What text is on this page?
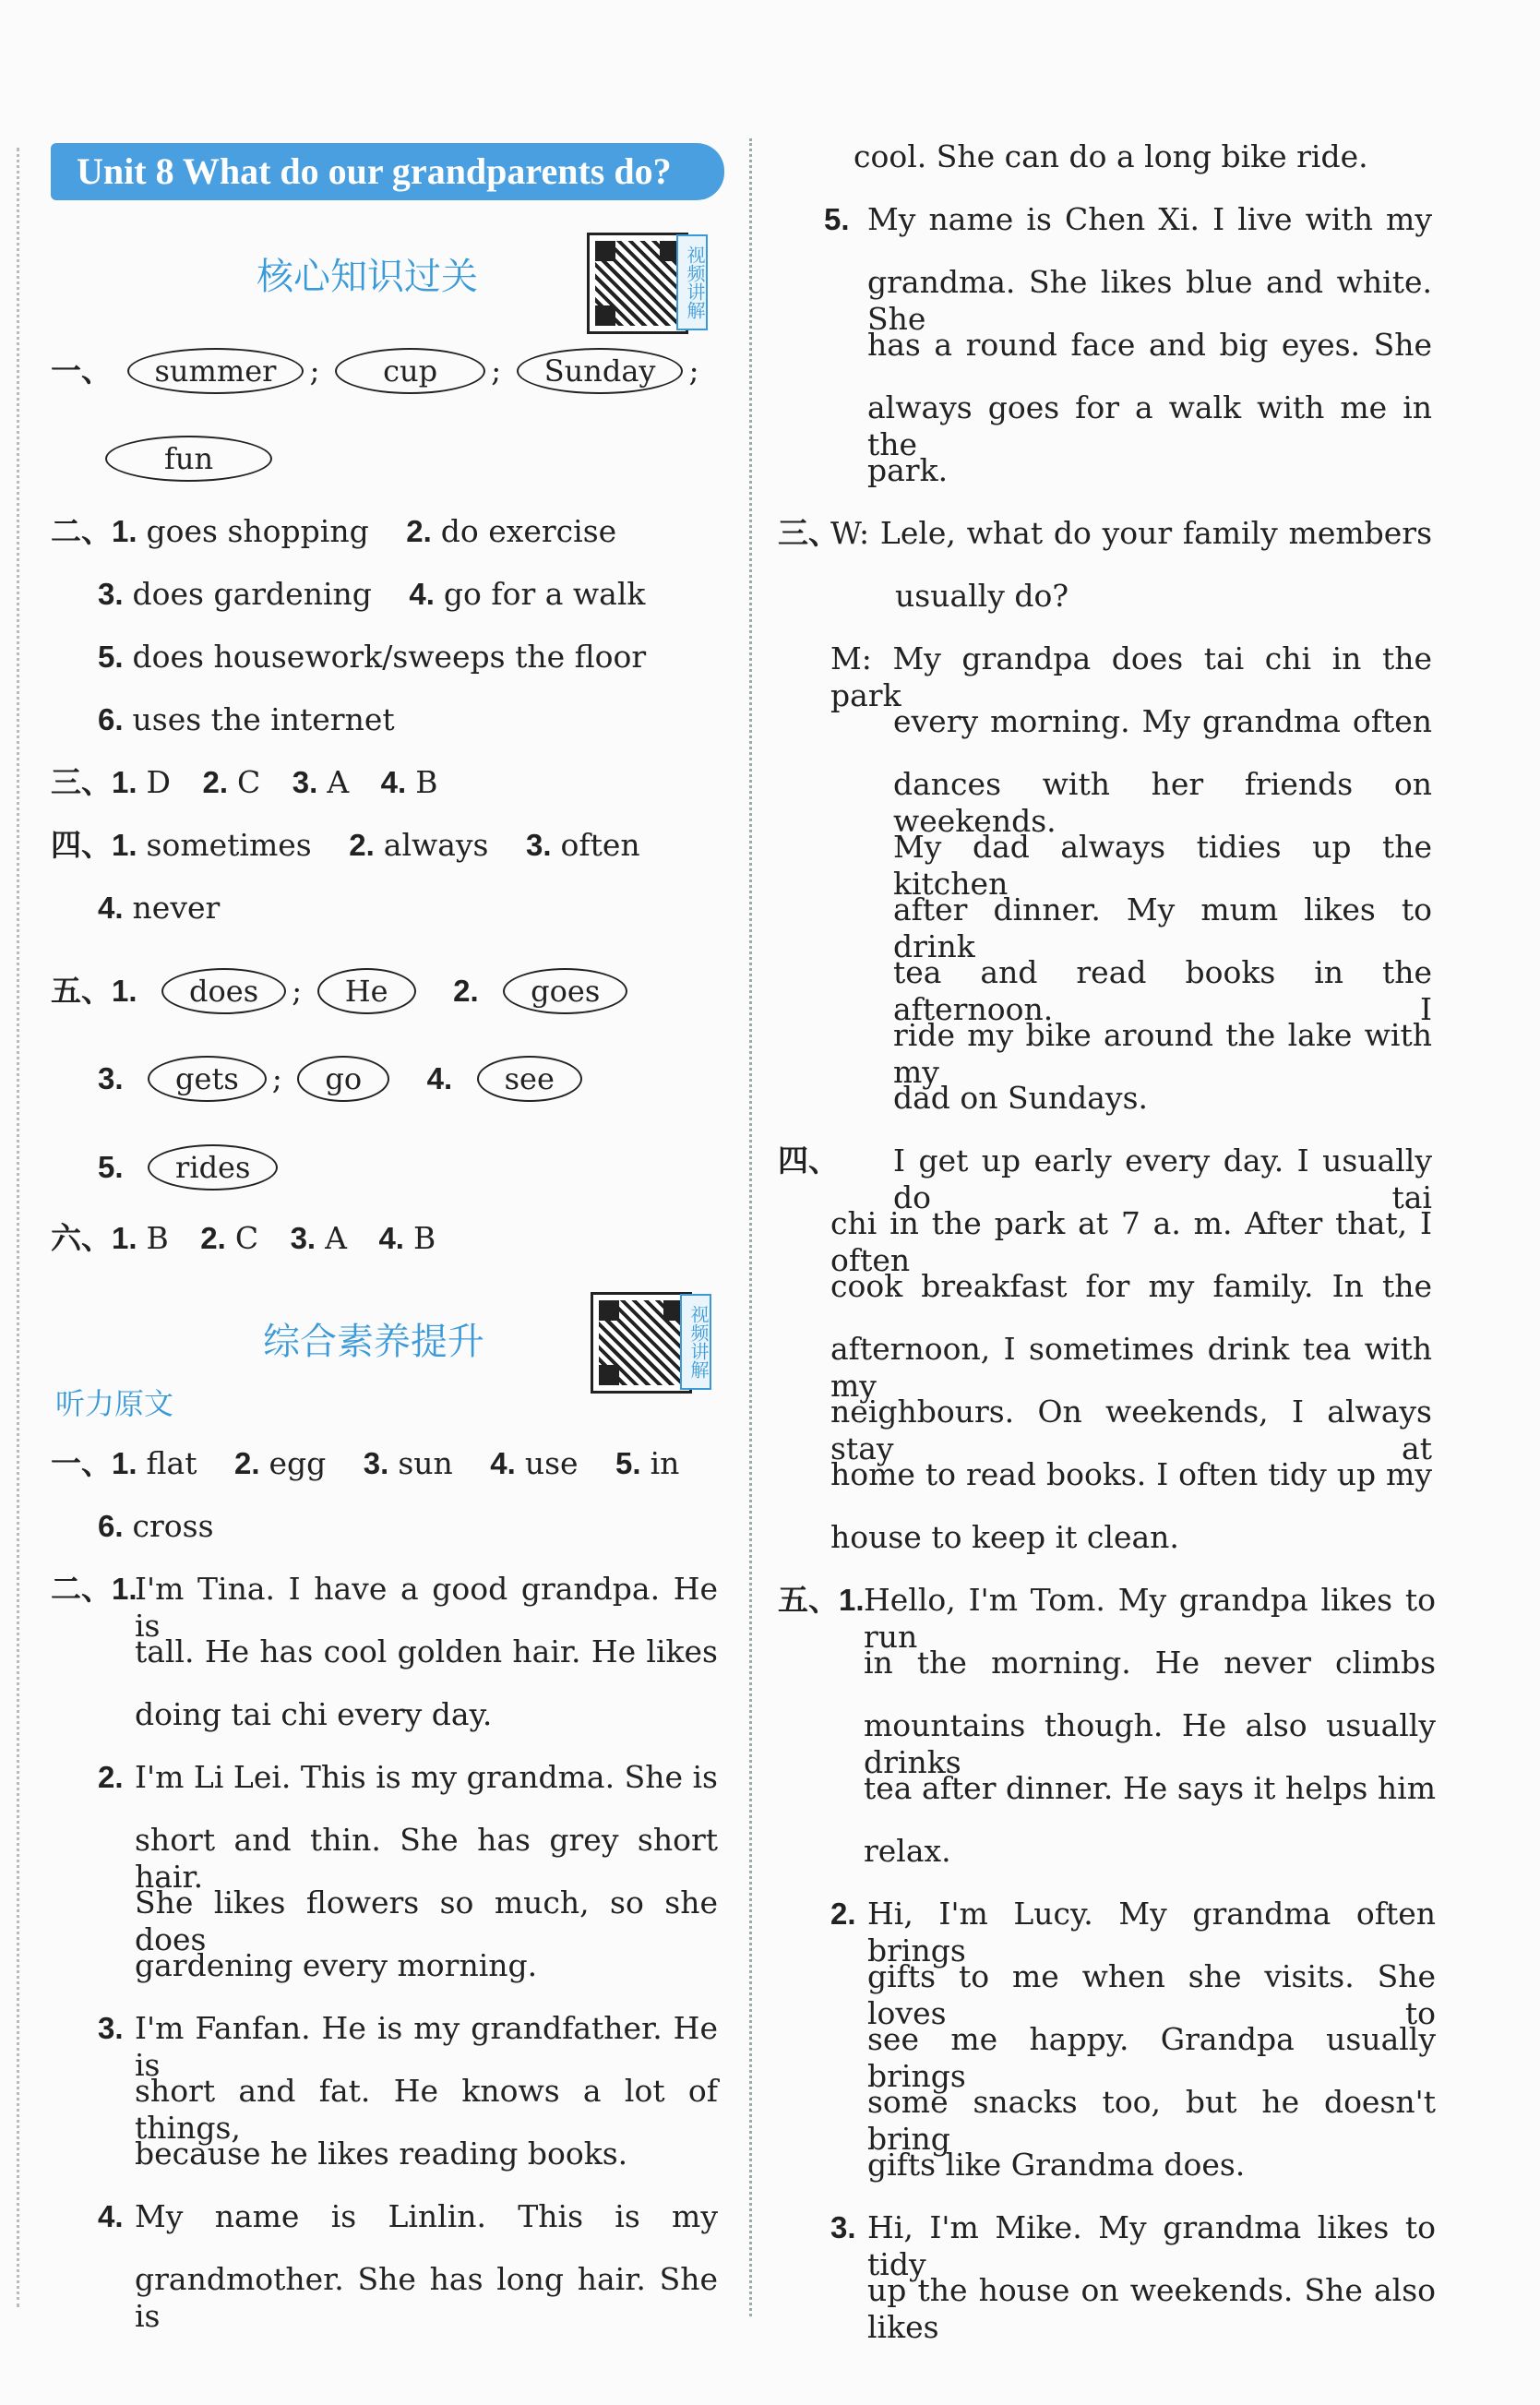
Unit 8 What do our grandparents do?
核心知识过关	视频讲解
一、 summer ; cup ; Sunday ;
fun
二、1. goes shopping 2. do exercise
3. does gardening 4. go for a walk
5. does housework/sweeps the floor
6. uses the internet
三、1. D 2. C 3. A 4. B
四、1. sometimes 2. always 3. often
4. never
五、1. does ; He 2. goes
3. gets ; go 4. see
5. rides
六、1. B 2. C 3. A 4. B
综合素养提升	视频讲解
听力原文
一、1. flat 2. egg 3. sun 4. use 5. in
6. cross
二、1.
I'm Tina. I have a good grandpa. He is
tall. He has cool golden hair. He likes
doing tai chi every day.
2. I'm Li Lei. This is my grandma. She is
short and thin. She has grey short hair.
She likes flowers so much, so she does
gardening every morning.
3. I'm Fanfan. He is my grandfather. He is
short and fat. He knows a lot of things,
because he likes reading books.
4. My name is Linlin. This is my
grandmother. She has long hair. She is
cool. She can do a long bike ride.
5. My name is Chen Xi. I live with my
grandma. She likes blue and white. She
has a round face and big eyes. She
always goes for a walk with me in the
park.
三、
W: Lele, what do your family members
usually do?
M: My grandpa does tai chi in the park
every morning. My grandma often
dances with her friends on weekends.
My dad always tidies up the kitchen
after dinner. My mum likes to drink
tea and read books in the afternoon. I
ride my bike around the lake with my
dad on Sundays.
四、 I get up early every day. I usually do tai
chi in the park at 7 a. m. After that, I often
cook breakfast for my family. In the
afternoon, I sometimes drink tea with my
neighbours. On weekends, I always stay at
home to read books. I often tidy up my
house to keep it clean.
五、1. Hello, I'm Tom. My grandpa likes to run
in the morning. He never climbs
mountains though. He also usually drinks
tea after dinner. He says it helps him
relax.
2. Hi, I'm Lucy. My grandma often brings
gifts to me when she visits. She loves to
see me happy. Grandpa usually brings
some snacks too, but he doesn't bring
gifts like Grandma does.
3. Hi, I'm Mike. My grandma likes to tidy
up the house on weekends. She also likes
